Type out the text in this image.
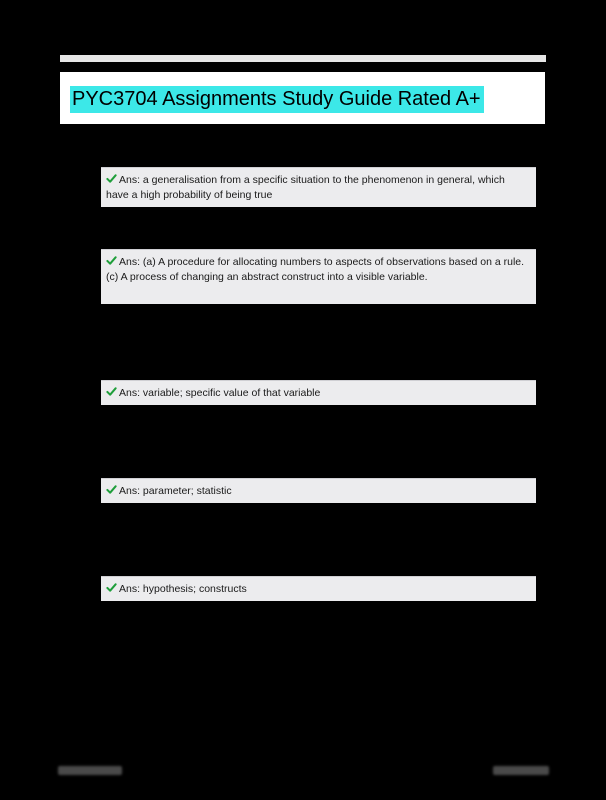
PYC3704 Assignments Study Guide Rated A+
Ans: a generalisation from a specific situation to the phenomenon in general, which have a high probability of being true
Ans: (a) A procedure for allocating numbers to aspects of observations based on a rule.
(c) A process of changing an abstract construct into a visible variable.
Ans: variable; specific value of that variable
Ans: parameter; statistic
Ans: hypothesis; constructs
